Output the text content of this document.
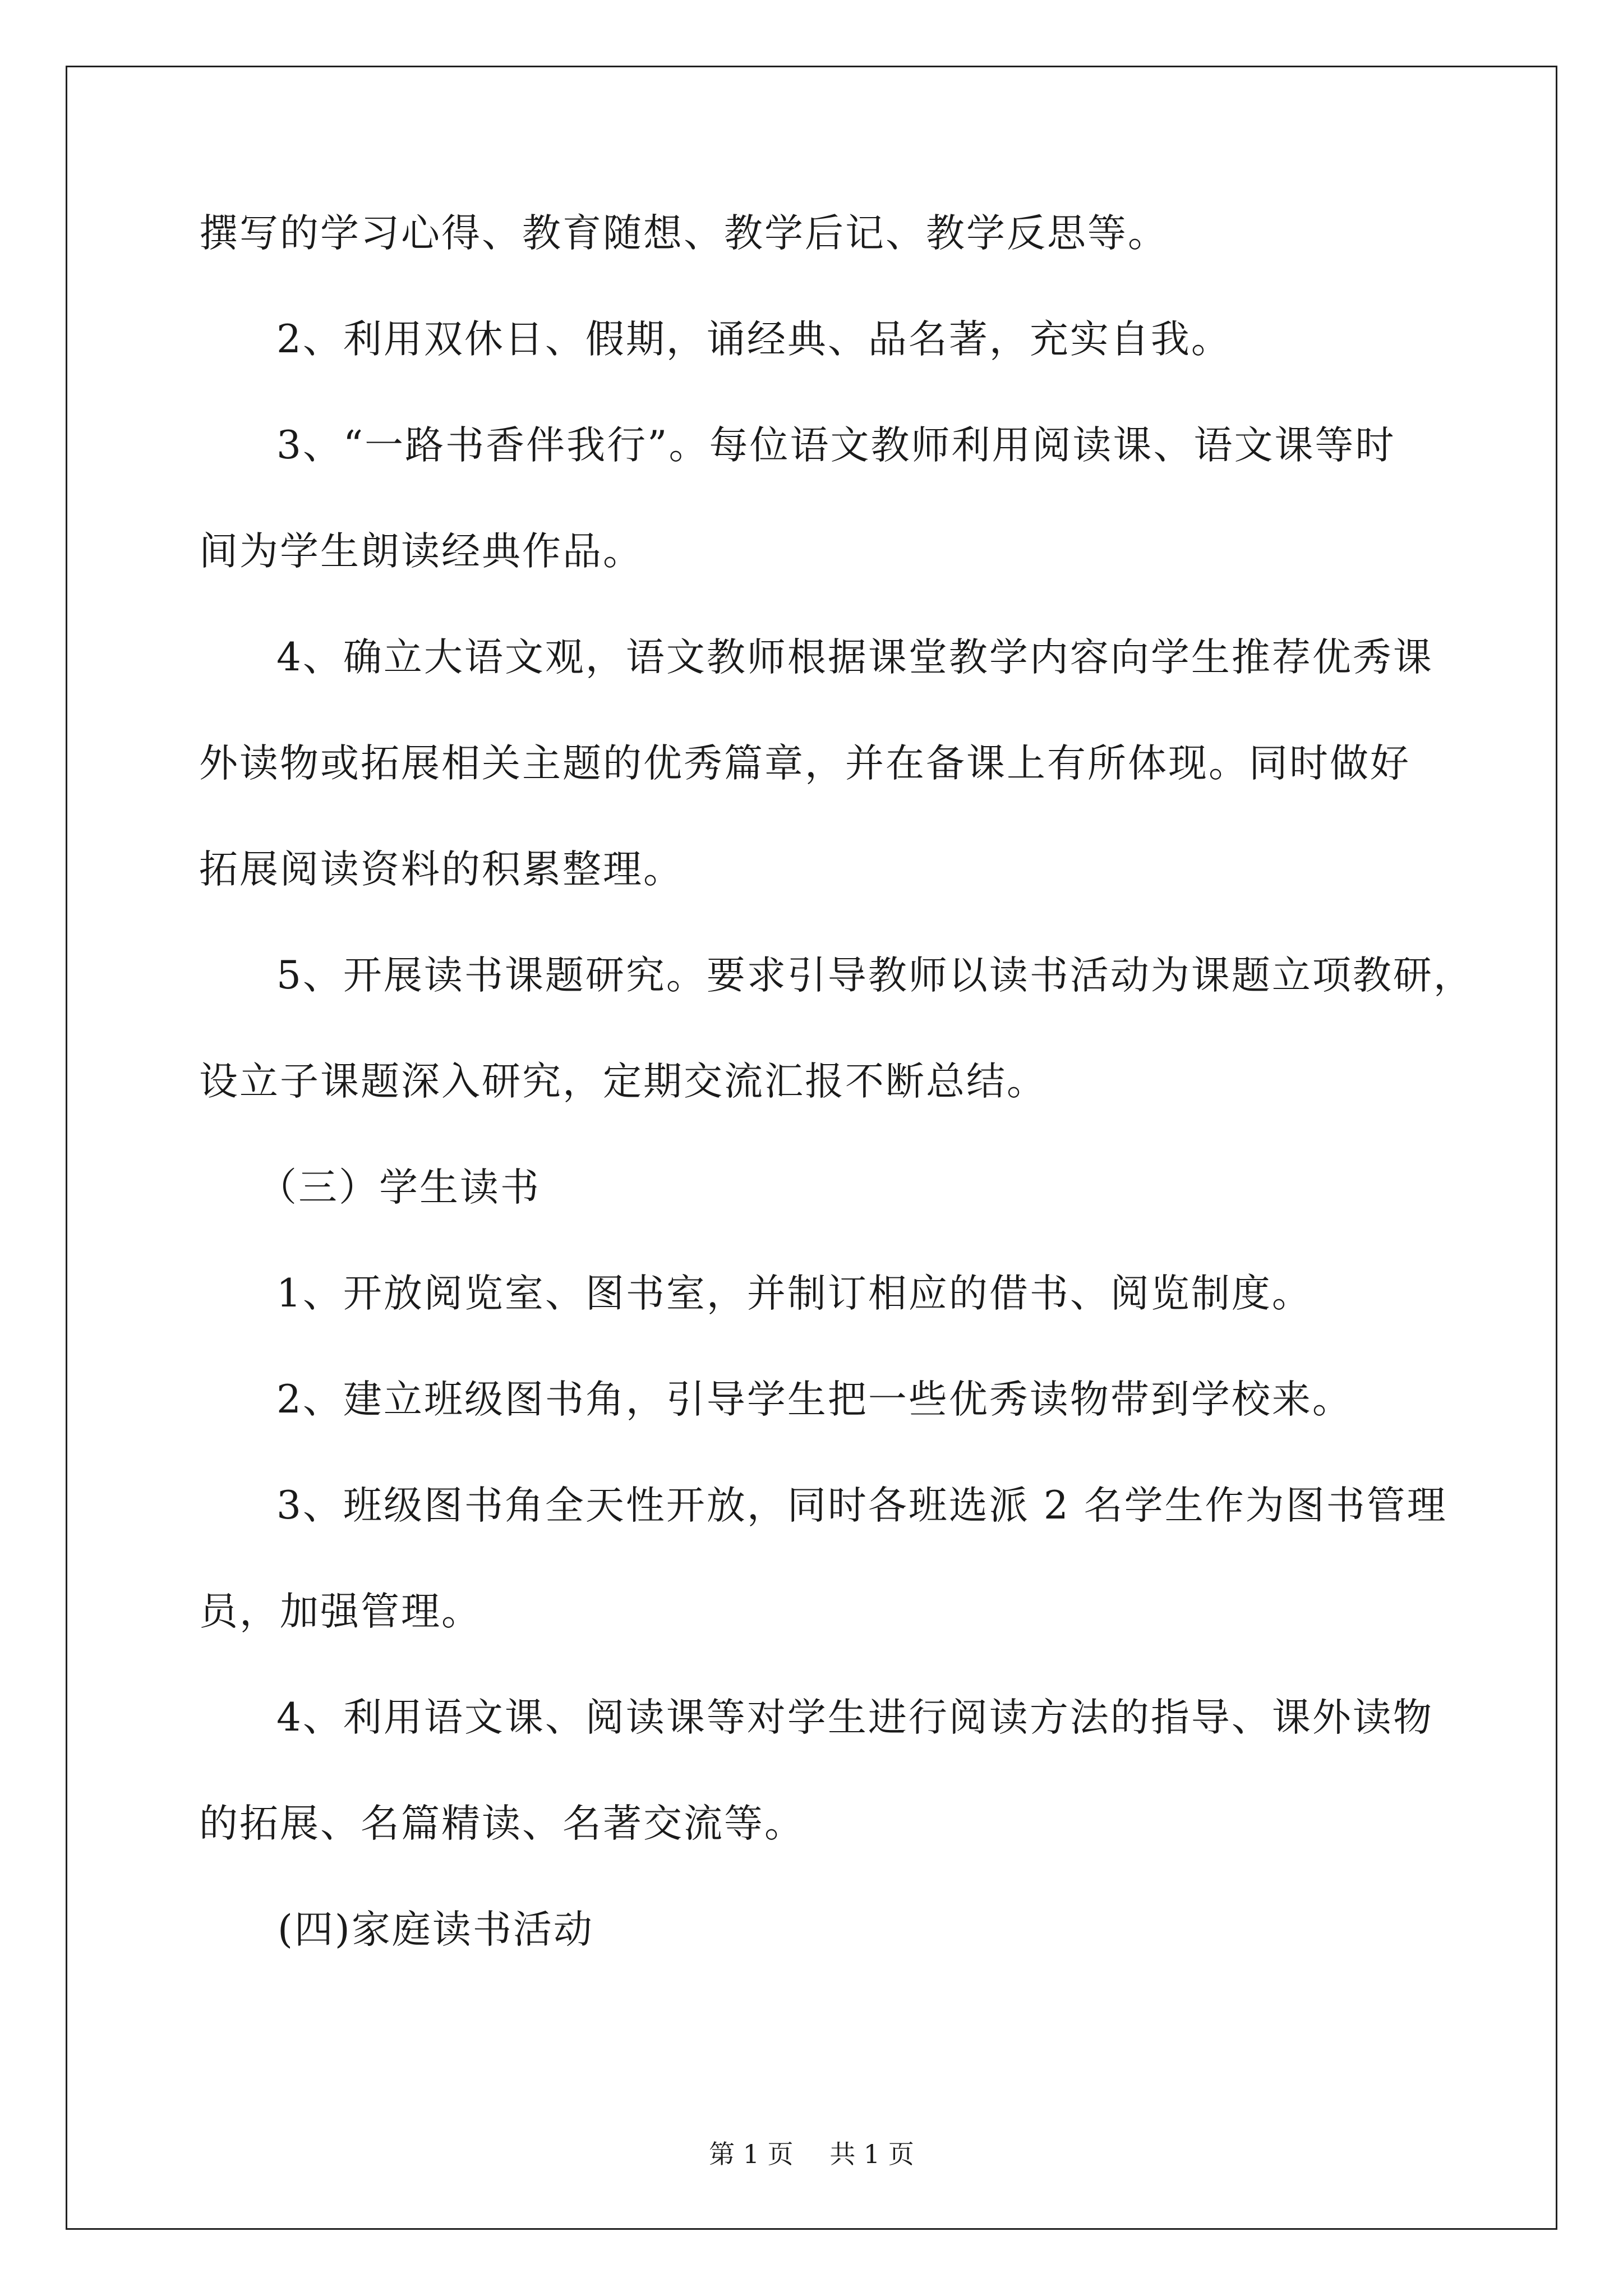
撰写的学习心得、教育随想、教学后记、教学反思等。

2、利用双休日、假期，诵经典、品名著，充实自我。

3、“一路书香伴我行”。每位语文教师利用阅读课、语文课等时

间为学生朗读经典作品。

4、确立大语文观，语文教师根据课堂教学内容向学生推荐优秀课

外读物或拓展相关主题的优秀篇章，并在备课上有所体现。同时做好

拓展阅读资料的积累整理。

5、开展读书课题研究。要求引导教师以读书活动为课题立项教研，

设立子课题深入研究，定期交流汇报不断总结。

（三）学生读书

1、开放阅览室、图书室，并制订相应的借书、阅览制度。

2、建立班级图书角，引导学生把一些优秀读物带到学校来。

3、班级图书角全天性开放，同时各班选派 2 名学生作为图书管理

员，加强管理。

4、利用语文课、阅读课等对学生进行阅读方法的指导、课外读物

的拓展、名篇精读、名著交流等。

(四)家庭读书活动

第 1 页 共 1 页
